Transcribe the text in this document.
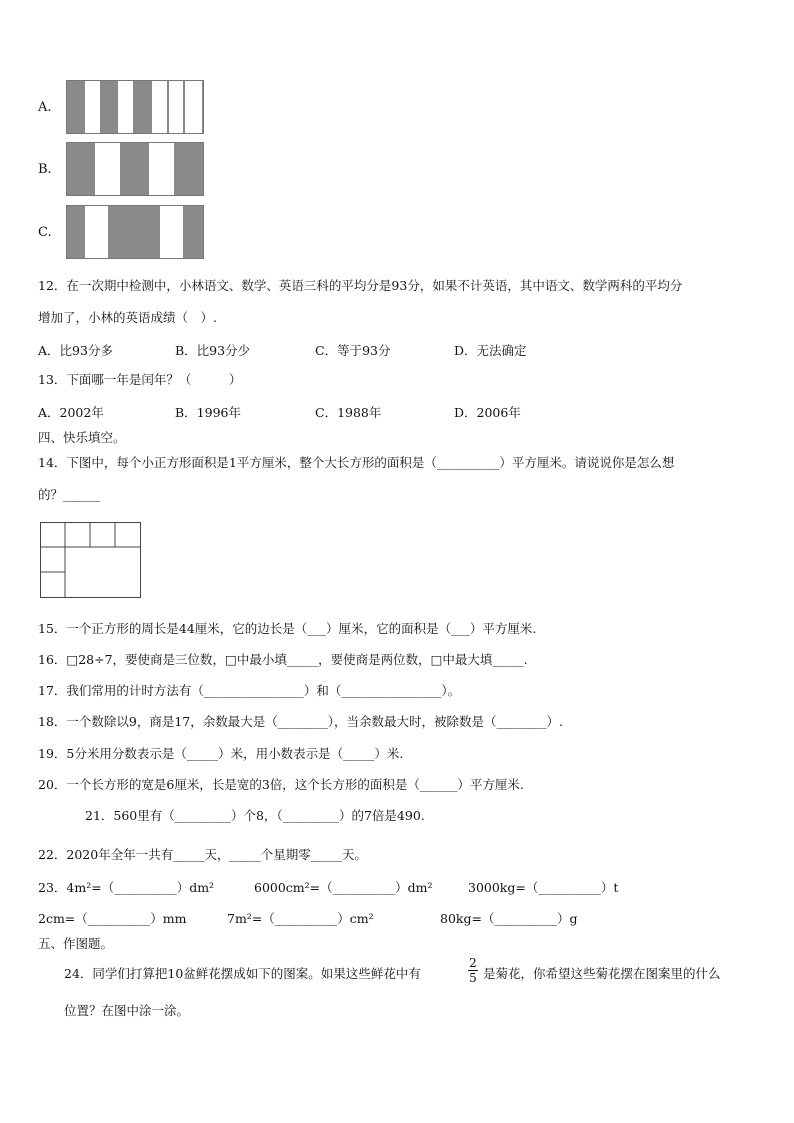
A.
B.
C.
12．在一次期中检测中，小林语文、数学、英语三科的平均分是93分，如果不计英语，其中语文、数学两科的平均分
增加了，小林的英语成绩（　）.
A．比93分多	B．比93分少	C．等于93分	D．无法确定
13．下面哪一年是闰年？（　　　）
A．2002年	B．1996年	C．1988年	D．2006年
四、快乐填空。
14．下图中，每个小正方形面积是1平方厘米，整个大长方形的面积是（__________）平方厘米。请说说你是怎么想
的？______
15．一个正方形的周长是44厘米，它的边长是（___）厘米，它的面积是（___）平方厘米.
16．□28÷7，要使商是三位数，□中最小填_____，要使商是两位数，□中最大填_____.
17．我们常用的计时方法有（________________）和（________________）。
18．一个数除以9，商是17，余数最大是（________），当余数最大时，被除数是（________）.
19．5分米用分数表示是（_____）米，用小数表示是（_____）米.
20．一个长方形的宽是6厘米，长是宽的3倍，这个长方形的面积是（______）平方厘米.
21．560里有（_________）个8，（_________）的7倍是490.
22．2020年全年一共有_____天，_____个星期零_____天。
23．4m²=（__________）dm²	6000cm²=（__________）dm²	3000kg=（__________）t
2cm=（__________）mm	7m²=（__________）cm²	80kg=（__________）g
五、作图题。
24．同学们打算把10盆鲜花摆成如下的图案。如果这些鲜花中有
2
5 是菊花，你希望这些菊花摆在图案里的什么
位置？在图中涂一涂。
